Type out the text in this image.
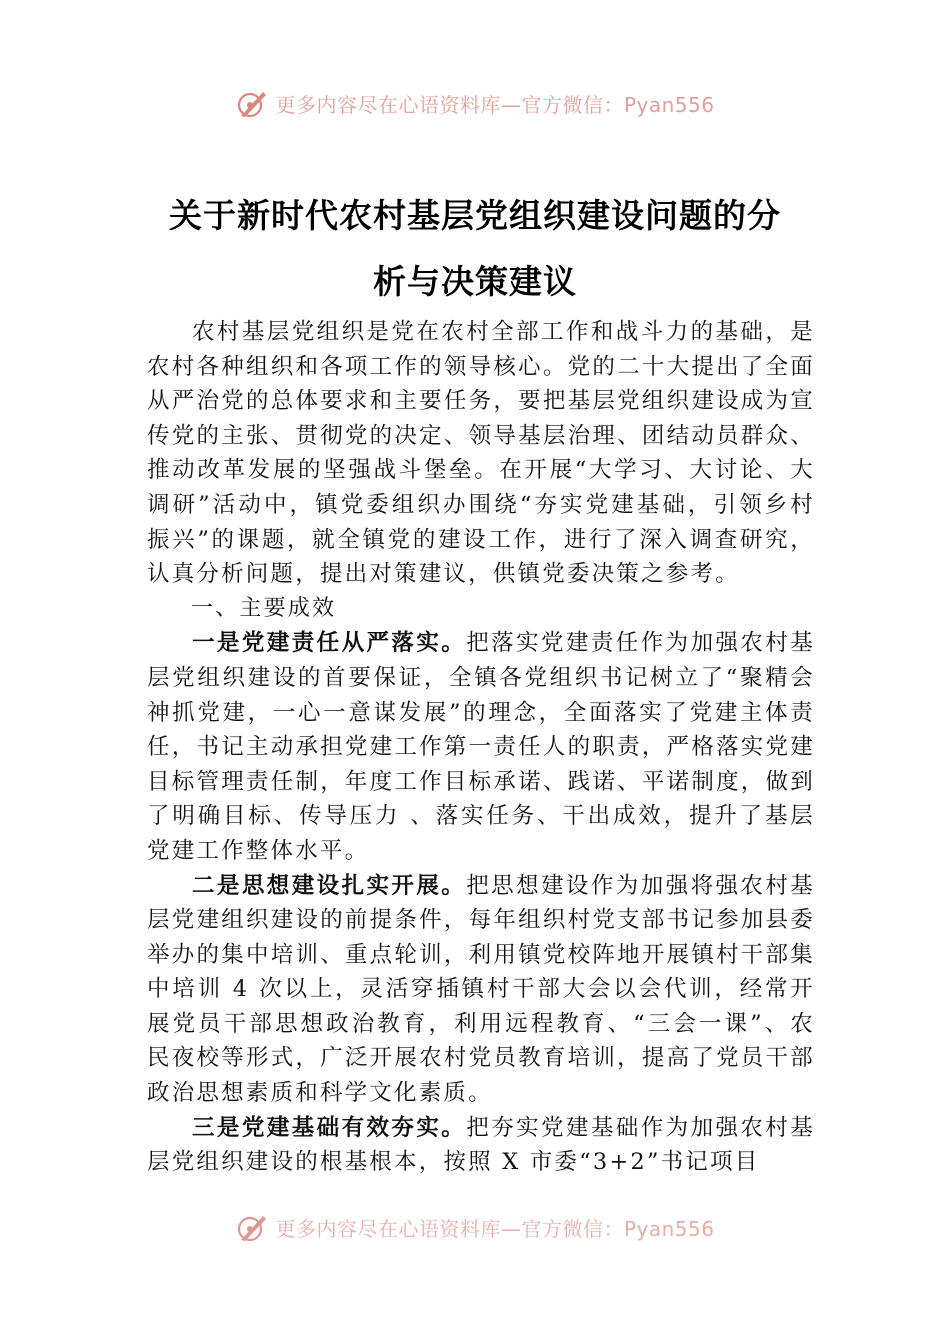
更多内容尽在心语资料库—官方微信：Pyan556
关于新时代农村基层党组织建设问题的分
析与决策建议

农村基层党组织是党在农村全部工作和战斗力的基础，是农村各种组织和各项工作的领导核心。党的二十大提出了全面从严治党的总体要求和主要任务，要把基层党组织建设成为宣传党的主张、贯彻党的决定、领导基层治理、团结动员群众、推动改革发展的坚强战斗堡垒。在开展“大学习、大讨论、大调研”活动中，镇党委组织办围绕“夯实党建基础，引领乡村振兴”的课题，就全镇党的建设工作，进行了深入调查研究，认真分析问题，提出对策建议，供镇党委决策之参考。

一、主要成效

一是党建责任从严落实。把落实党建责任作为加强农村基层党组织建设的首要保证，全镇各党组织书记树立了“聚精会神抓党建，一心一意谋发展”的理念，全面落实了党建主体责任，书记主动承担党建工作第一责任人的职责，严格落实党建目标管理责任制，年度工作目标承诺、践诺、平诺制度，做到了明确目标、传导压力 、落实任务、干出成效，提升了基层党建工作整体水平。

二是思想建设扎实开展。把思想建设作为加强将强农村基层党建组织建设的前提条件，每年组织村党支部书记参加县委举办的集中培训、重点轮训，利用镇党校阵地开展镇村干部集中培训 4 次以上，灵活穿插镇村干部大会以会代训，经常开展党员干部思想政治教育，利用远程教育、“三会一课”、农民夜校等形式，广泛开展农村党员教育培训，提高了党员干部政治思想素质和科学文化素质。

三是党建基础有效夯实。把夯实党建基础作为加强农村基层党组织建设的根基根本，按照 X 市委“3+2”书记项目

更多内容尽在心语资料库—官方微信：Pyan556
